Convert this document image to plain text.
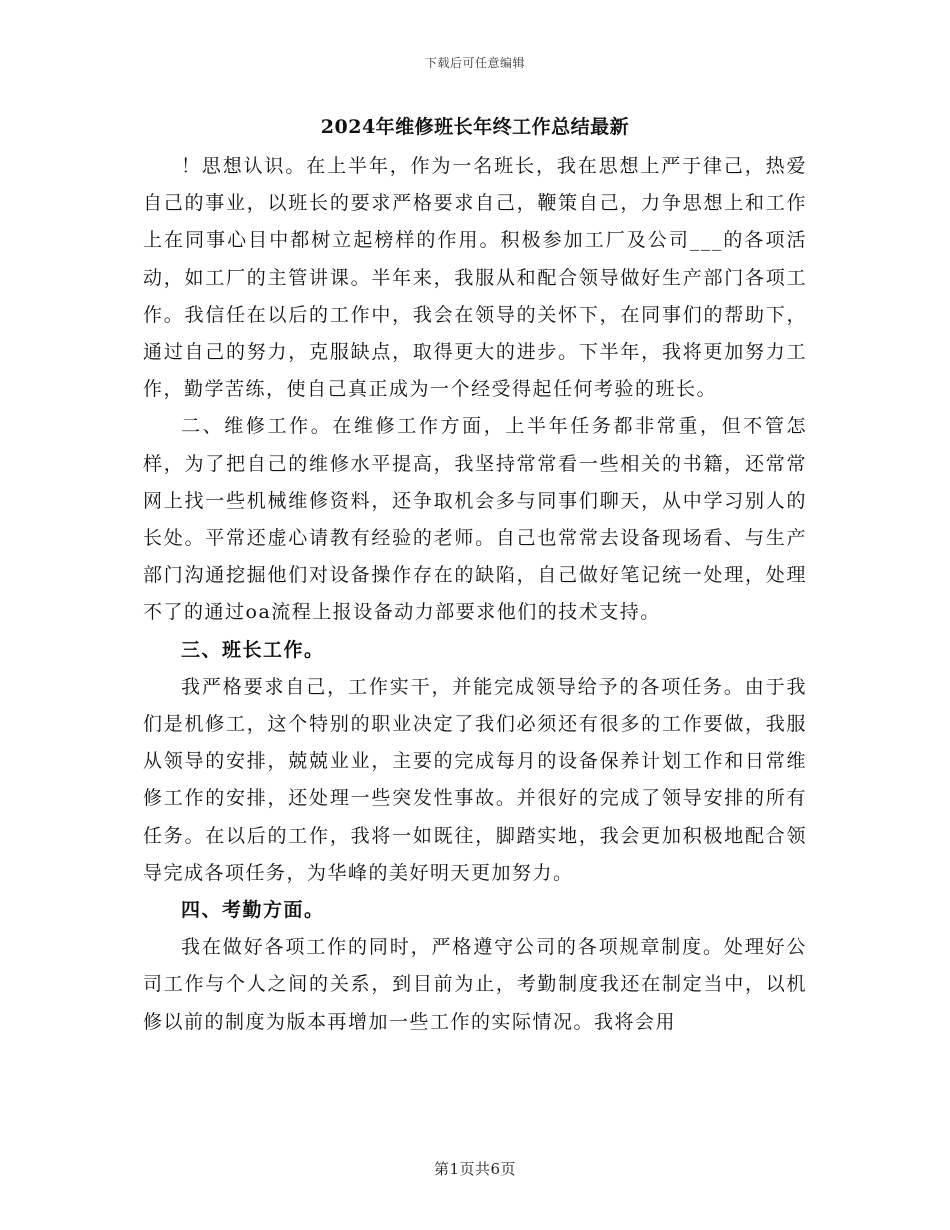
下载后可任意编辑
2024年维修班长年终工作总结最新

！思想认识。在上半年，作为一名班长，我在思想上严于律己，热爱自己的事业，以班长的要求严格要求自己，鞭策自己，力争思想上和工作上在同事心目中都树立起榜样的作用。积极参加工厂及公司___的各项活动，如工厂的主管讲课。半年来，我服从和配合领导做好生产部门各项工作。我信任在以后的工作中，我会在领导的关怀下，在同事们的帮助下，通过自己的努力，克服缺点，取得更大的进步。下半年，我将更加努力工作，勤学苦练，使自己真正成为一个经受得起任何考验的班长。

二、维修工作。在维修工作方面，上半年任务都非常重，但不管怎样，为了把自己的维修水平提高，我坚持常常看一些相关的书籍，还常常网上找一些机械维修资料，还争取机会多与同事们聊天，从中学习别人的长处。平常还虚心请教有经验的老师。自己也常常去设备现场看、与生产部门沟通挖掘他们对设备操作存在的缺陷，自己做好笔记统一处理，处理不了的通过oa流程上报设备动力部要求他们的技术支持。

三、班长工作。

我严格要求自己，工作实干，并能完成领导给予的各项任务。由于我们是机修工，这个特别的职业决定了我们必须还有很多的工作要做，我服从领导的安排，兢兢业业，主要的完成每月的设备保养计划工作和日常维修工作的安排，还处理一些突发性事故。并很好的完成了领导安排的所有任务。在以后的工作，我将一如既往，脚踏实地，我会更加积极地配合领导完成各项任务，为华峰的美好明天更加努力。

四、考勤方面。

我在做好各项工作的同时，严格遵守公司的各项规章制度。处理好公司工作与个人之间的关系，到目前为止，考勤制度我还在制定当中，以机修以前的制度为版本再增加一些工作的实际情况。我将会用

第1页共6页
